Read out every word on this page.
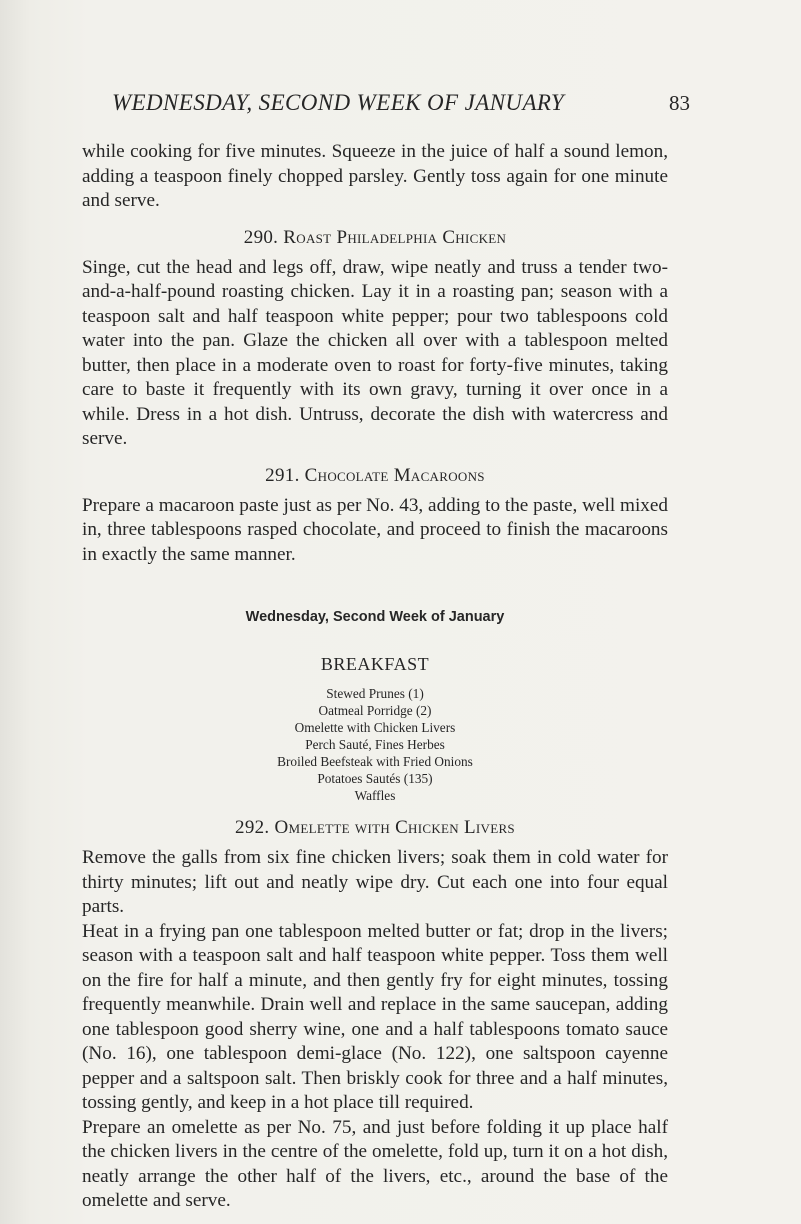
WEDNESDAY, SECOND WEEK OF JANUARY	83

while cooking for five minutes. Squeeze in the juice of half a sound lemon, adding a teaspoon finely chopped parsley. Gently toss again for one minute and serve.

290. Roast Philadelphia Chicken

Singe, cut the head and legs off, draw, wipe neatly and truss a tender two-and-a-half-pound roasting chicken. Lay it in a roasting pan; season with a teaspoon salt and half teaspoon white pepper; pour two tablespoons cold water into the pan. Glaze the chicken all over with a tablespoon melted butter, then place in a moderate oven to roast for forty-five minutes, taking care to baste it frequently with its own gravy, turning it over once in a while. Dress in a hot dish. Untruss, decorate the dish with watercress and serve.

291. Chocolate Macaroons

Prepare a macaroon paste just as per No. 43, adding to the paste, well mixed in, three tablespoons rasped chocolate, and proceed to finish the macaroons in exactly the same manner.

Wednesday, Second Week of January
BREAKFAST
Stewed Prunes (1)
Oatmeal Porridge (2)
Omelette with Chicken Livers
Perch Sauté, Fines Herbes
Broiled Beefsteak with Fried Onions
Potatoes Sautés (135)
Waffles
292. Omelette with Chicken Livers

Remove the galls from six fine chicken livers; soak them in cold water for thirty minutes; lift out and neatly wipe dry. Cut each one into four equal parts.

Heat in a frying pan one tablespoon melted butter or fat; drop in the livers; season with a teaspoon salt and half teaspoon white pepper. Toss them well on the fire for half a minute, and then gently fry for eight minutes, tossing frequently meanwhile. Drain well and replace in the same saucepan, adding one tablespoon good sherry wine, one and a half tablespoons tomato sauce (No. 16), one tablespoon demi-glace (No. 122), one saltspoon cayenne pepper and a saltspoon salt. Then briskly cook for three and a half minutes, tossing gently, and keep in a hot place till required.

Prepare an omelette as per No. 75, and just before folding it up place half the chicken livers in the centre of the omelette, fold up, turn it on a hot dish, neatly arrange the other half of the livers, etc., around the base of the omelette and serve.
